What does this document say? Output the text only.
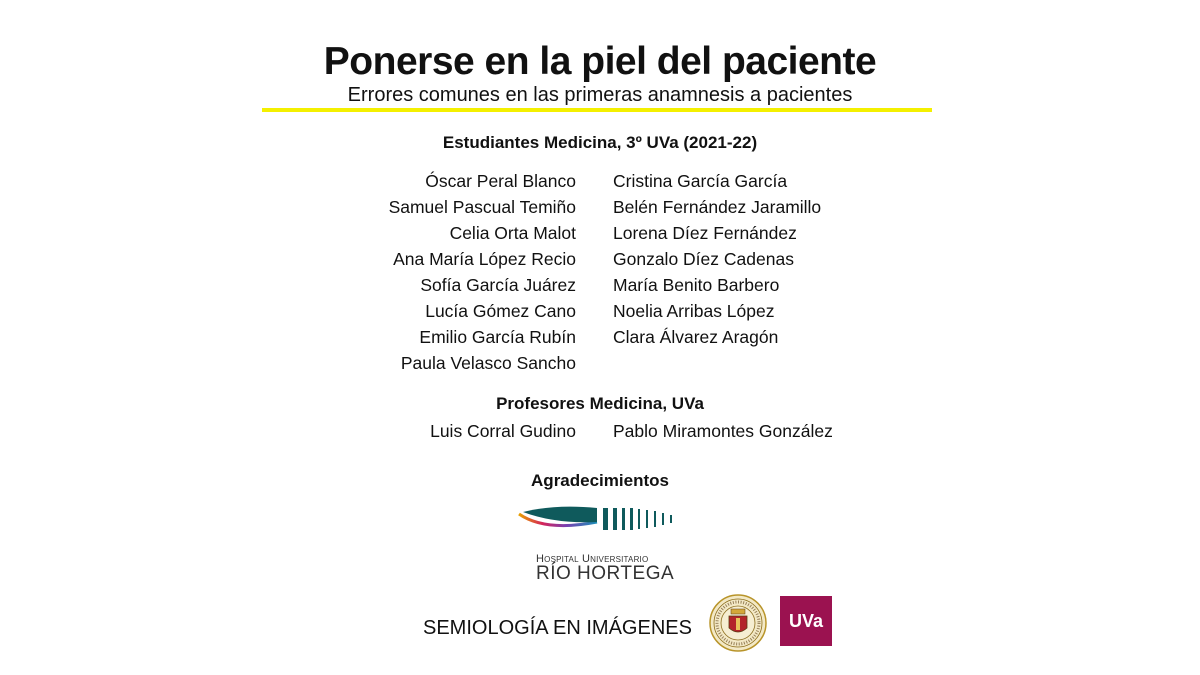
Ponerse en la piel del paciente
Errores comunes en las primeras anamnesis a pacientes
Estudiantes Medicina, 3º UVa (2021-22)
Óscar Peral Blanco
Samuel Pascual Temiño
Celia Orta Malot
Ana María López Recio
Sofía García Juárez
Lucía Gómez Cano
Emilio García Rubín
Paula Velasco Sancho
Cristina García García
Belén Fernández Jaramillo
Lorena Díez Fernández
Gonzalo Díez Cadenas
María Benito Barbero
Noelia Arribas López
Clara Álvarez Aragón
Profesores Medicina, UVa
Luis Corral Gudino Pablo Miramontes González
Agradecimientos
Hospital Universitario
RÍO HORTEGA
SEMIOLOGÍA EN IMÁGENES	UVa
